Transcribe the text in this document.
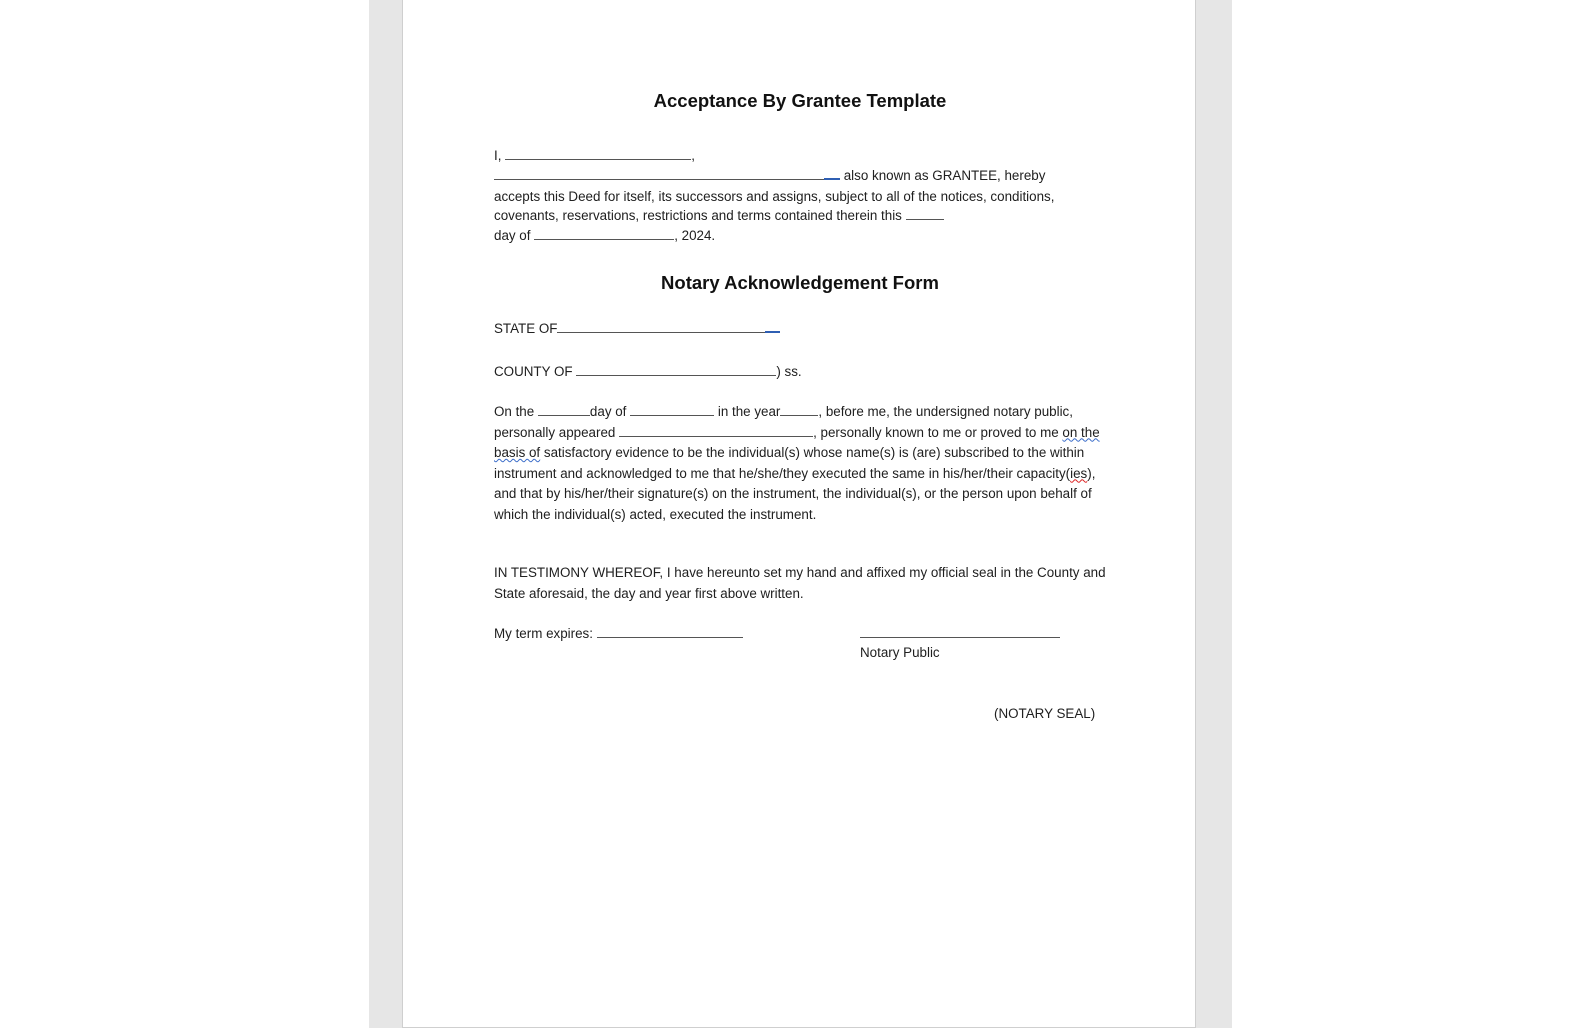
Acceptance By Grantee Template
I,	,
also known as GRANTEE, hereby
accepts this Deed for itself, its successors and assigns, subject to all of the notices, conditions,
covenants, reservations, restrictions and terms contained therein this
day of	, 2024.
Notary Acknowledgement Form
STATE OF
COUNTY OF	) ss.
On the	day of	in the year	, before me, the undersigned notary public, personally appeared	, personally known to me or proved to me on the basis of satisfactory evidence to be the individual(s) whose name(s) is (are) subscribed to the within instrument and acknowledged to me that he/she/they executed the same in his/her/their capacity(ies), and that by his/her/their signature(s) on the instrument, the individual(s), or the person upon behalf of which the individual(s) acted, executed the instrument.
IN TESTIMONY WHEREOF, I have hereunto set my hand and affixed my official seal in the County and State aforesaid, the day and year first above written.
My term expires:
Notary Public
(NOTARY SEAL)
